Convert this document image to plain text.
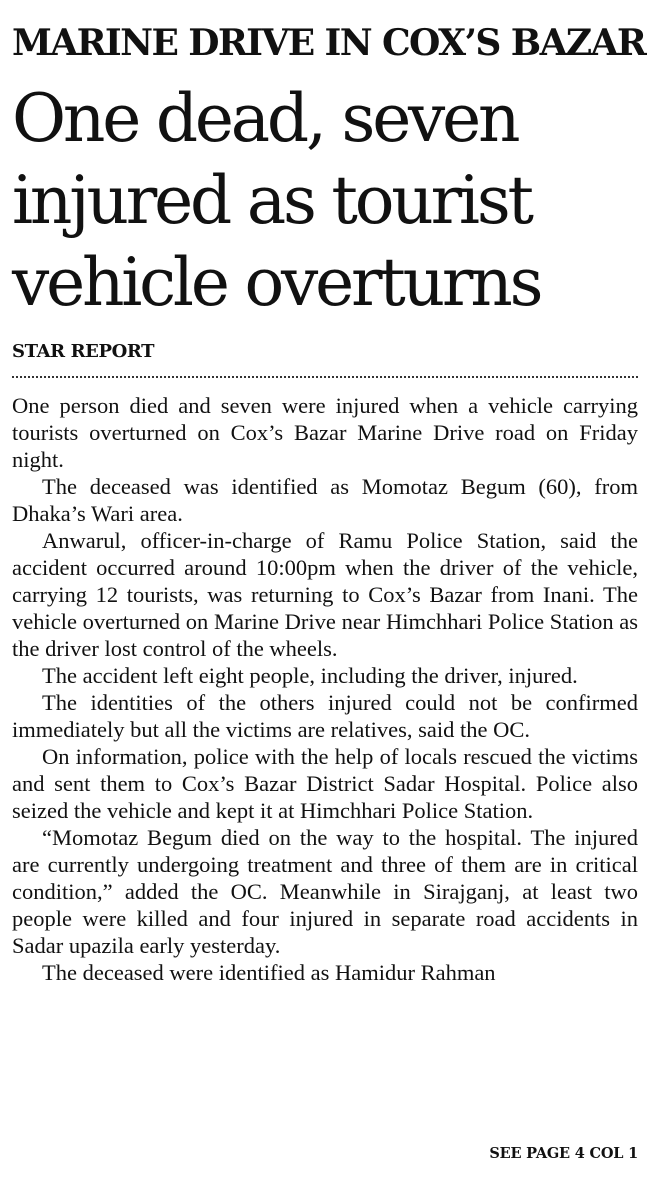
MARINE DRIVE IN COX’S BAZAR
One dead, seven
injured as tourist
vehicle overturns
STAR REPORT

One person died and seven were injured when a vehicle carrying tourists overturned on Cox’s Bazar Marine Drive road on Friday night.

The deceased was identified as Momotaz Begum (60), from Dhaka’s Wari area.

Anwarul, officer-in-charge of Ramu Police Station, said the accident occurred around 10:00pm when the driver of the vehicle, carrying 12 tourists, was returning to Cox’s Bazar from Inani. The vehicle overturned on Marine Drive near Himchhari Police Station as the driver lost control of the wheels.

The accident left eight people, including the driver, injured.

The identities of the others injured could not be confirmed immediately but all the victims are relatives, said the OC.

On information, police with the help of locals rescued the victims and sent them to Cox’s Bazar District Sadar Hospital. Police also seized the vehicle and kept it at Himchhari Police Station.

“Momotaz Begum died on the way to the hospital. The injured are currently undergoing treatment and three of them are in critical condition,” added the OC. Meanwhile in Sirajganj, at least two people were killed and four injured in separate road accidents in Sadar upazila early yesterday.

The deceased were identified as Hamidur Rahman

SEE PAGE 4 COL 1
